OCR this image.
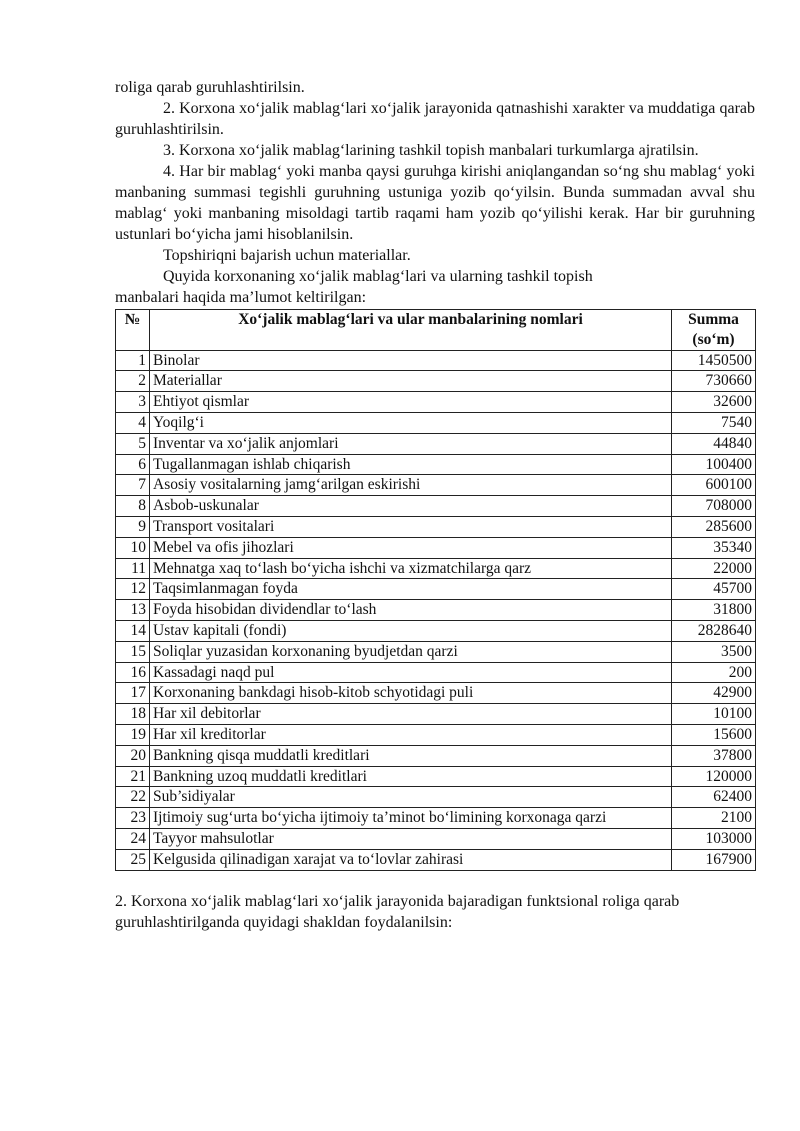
roliga qarab guruhlashtirilsin.

2. Korxona xo‘jalik mablag‘lari xo‘jalik jarayonida qatnashishi xarakter va muddatiga qarab guruhlashtirilsin.

3. Korxona xo‘jalik mablag‘larining tashkil topish manbalari turkumlarga ajratilsin.

4. Har bir mablag‘ yoki manba qaysi guruhga kirishi aniqlangandan so‘ng shu mablag‘ yoki manbaning summasi tegishli guruhning ustuniga yozib qo‘yilsin. Bunda summadan avval shu mablag‘ yoki manbaning misoldagi tartib raqami ham yozib qo‘yilishi kerak. Har bir guruhning ustunlari bo‘yicha jami hisoblanilsin.

Topshiriqni bajarish uchun materiallar.

Quyida korxonaning xo‘jalik mablag‘lari va ularning tashkil topish

manbalari haqida ma’lumot keltirilgan:

№	Xo‘jalik mablag‘lari va ular manbalarining nomlari	Summa
(so‘m)

1	Binolar	1450500
2	Materiallar	730660
3	Ehtiyot qismlar	32600
4	Yoqilg‘i	7540
5	Inventar va xo‘jalik anjomlari	44840
6	Tugallanmagan ishlab chiqarish	100400
7	Asosiy vositalarning jamg‘arilgan eskirishi	600100
8	Asbob-uskunalar	708000
9	Transport vositalari	285600
10	Mebel va ofis jihozlari	35340
11	Mehnatga xaq to‘lash bo‘yicha ishchi va xizmatchilarga qarz	22000
12	Taqsimlanmagan foyda	45700
13	Foyda hisobidan dividendlar to‘lash	31800
14	Ustav kapitali (fondi)	2828640
15	Soliqlar yuzasidan korxonaning byudjetdan qarzi	3500
16	Kassadagi naqd pul	200
17	Korxonaning bankdagi hisob-kitob schyotidagi puli	42900
18	Har xil debitorlar	10100
19	Har xil kreditorlar	15600
20	Bankning qisqa muddatli kreditlari	37800
21	Bankning uzoq muddatli kreditlari	120000
22	Sub’sidiyalar	62400
23	Ijtimoiy sug‘urta bo‘yicha ijtimoiy ta’minot bo‘limining korxonaga qarzi	2100
24	Tayyor mahsulotlar	103000
25	Kelgusida qilinadigan xarajat va to‘lovlar zahirasi	167900

2. Korxona xo‘jalik mablag‘lari xo‘jalik jarayonida bajaradigan funktsional roliga qarab guruhlashtirilganda quyidagi shakldan foydalanilsin:
